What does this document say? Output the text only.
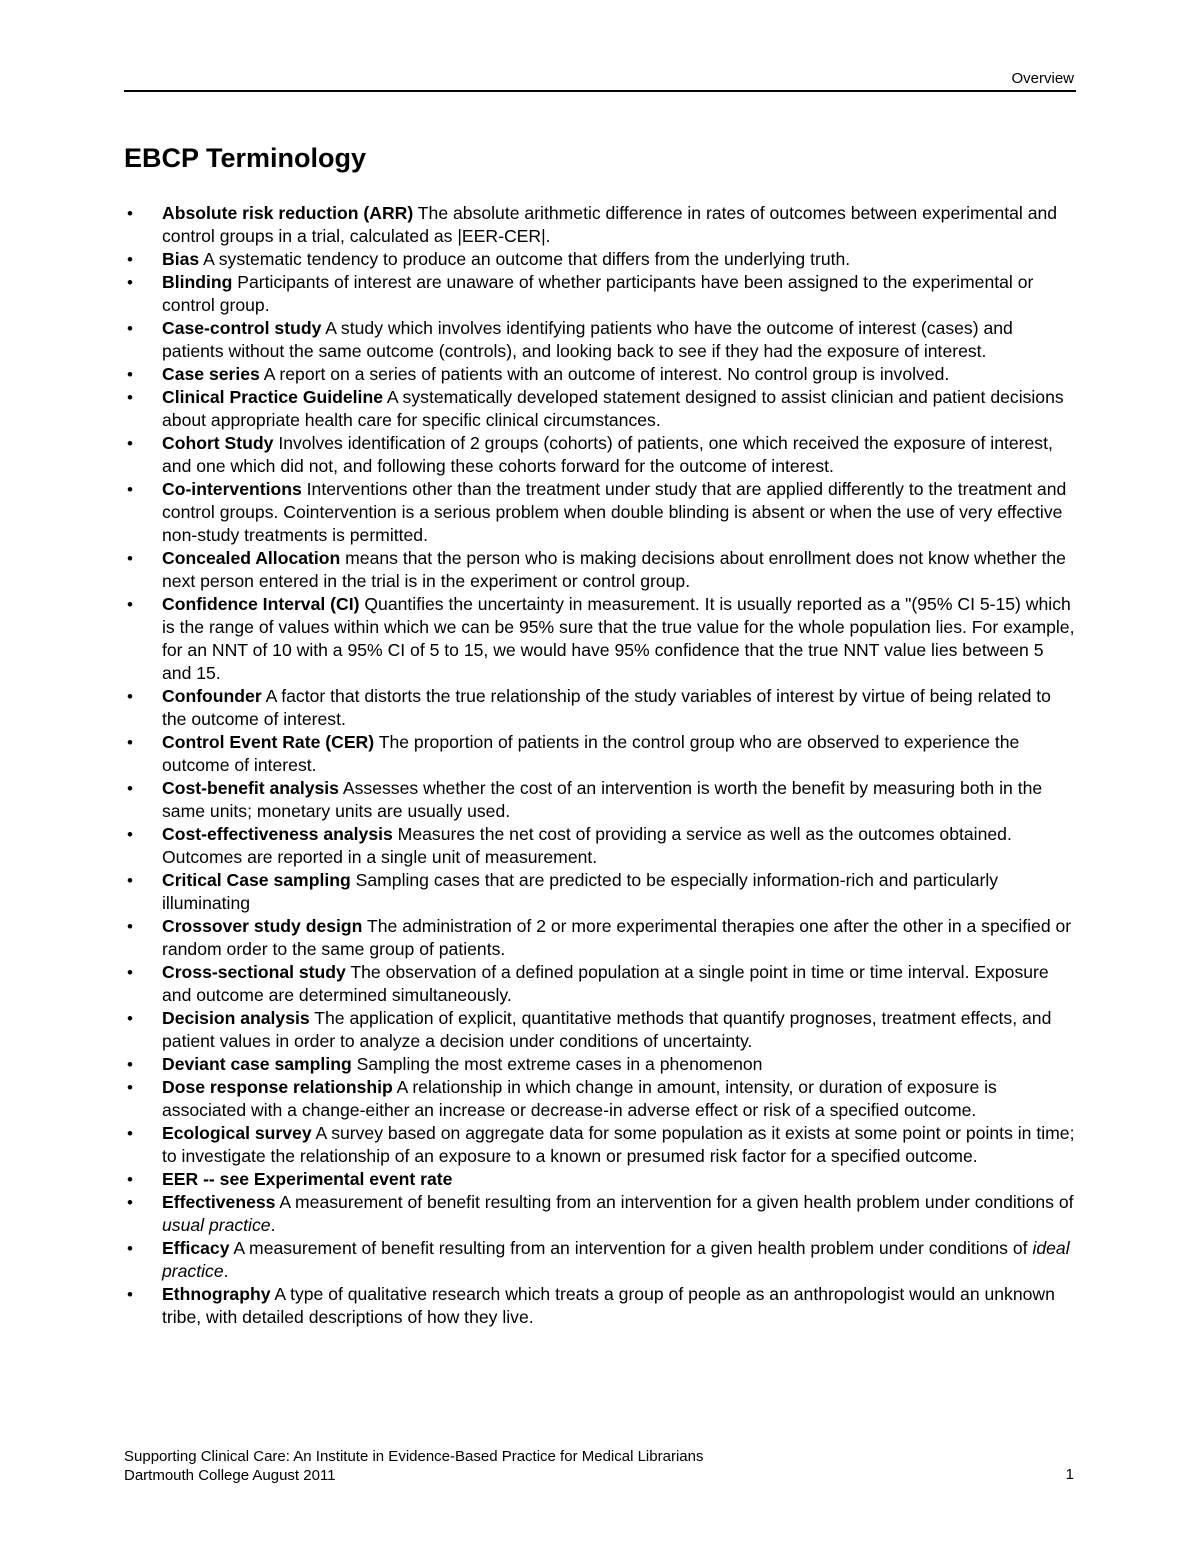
Overview
EBCP Terminology
• Absolute risk reduction (ARR) The absolute arithmetic difference in rates of outcomes between experimental and control groups in a trial, calculated as |EER-CER|.
• Bias A systematic tendency to produce an outcome that differs from the underlying truth.
• Blinding Participants of interest are unaware of whether participants have been assigned to the experimental or control group.
• Case-control study A study which involves identifying patients who have the outcome of interest (cases) and patients without the same outcome (controls), and looking back to see if they had the exposure of interest.
• Case series A report on a series of patients with an outcome of interest. No control group is involved.
• Clinical Practice Guideline A systematically developed statement designed to assist clinician and patient decisions about appropriate health care for specific clinical circumstances.
• Cohort Study Involves identification of 2 groups (cohorts) of patients, one which received the exposure of interest, and one which did not, and following these cohorts forward for the outcome of interest.
• Co-interventions Interventions other than the treatment under study that are applied differently to the treatment and control groups. Cointervention is a serious problem when double blinding is absent or when the use of very effective non-study treatments is permitted.
• Concealed Allocation means that the person who is making decisions about enrollment does not know whether the next person entered in the trial is in the experiment or control group.
• Confidence Interval (CI) Quantifies the uncertainty in measurement. It is usually reported as a "(95% CI 5-15) which is the range of values within which we can be 95% sure that the true value for the whole population lies. For example, for an NNT of 10 with a 95% CI of 5 to 15, we would have 95% confidence that the true NNT value lies between 5 and 15.
• Confounder A factor that distorts the true relationship of the study variables of interest by virtue of being related to the outcome of interest.
• Control Event Rate (CER) The proportion of patients in the control group who are observed to experience the outcome of interest.
• Cost-benefit analysis Assesses whether the cost of an intervention is worth the benefit by measuring both in the same units; monetary units are usually used.
• Cost-effectiveness analysis Measures the net cost of providing a service as well as the outcomes obtained. Outcomes are reported in a single unit of measurement.
• Critical Case sampling Sampling cases that are predicted to be especially information-rich and particularly illuminating
• Crossover study design The administration of 2 or more experimental therapies one after the other in a specified or random order to the same group of patients.
• Cross-sectional study The observation of a defined population at a single point in time or time interval. Exposure and outcome are determined simultaneously.
• Decision analysis The application of explicit, quantitative methods that quantify prognoses, treatment effects, and patient values in order to analyze a decision under conditions of uncertainty.
• Deviant case sampling Sampling the most extreme cases in a phenomenon
• Dose response relationship A relationship in which change in amount, intensity, or duration of exposure is associated with a change-either an increase or decrease-in adverse effect or risk of a specified outcome.
• Ecological survey A survey based on aggregate data for some population as it exists at some point or points in time; to investigate the relationship of an exposure to a known or presumed risk factor for a specified outcome.
• EER -- see Experimental event rate
• Effectiveness A measurement of benefit resulting from an intervention for a given health problem under conditions of usual practice.
• Efficacy A measurement of benefit resulting from an intervention for a given health problem under conditions of ideal practice.
• Ethnography A type of qualitative research which treats a group of people as an anthropologist would an unknown tribe, with detailed descriptions of how they live.
Supporting Clinical Care: An Institute in Evidence-Based Practice for Medical Librarians
Dartmouth College August 2011	1
